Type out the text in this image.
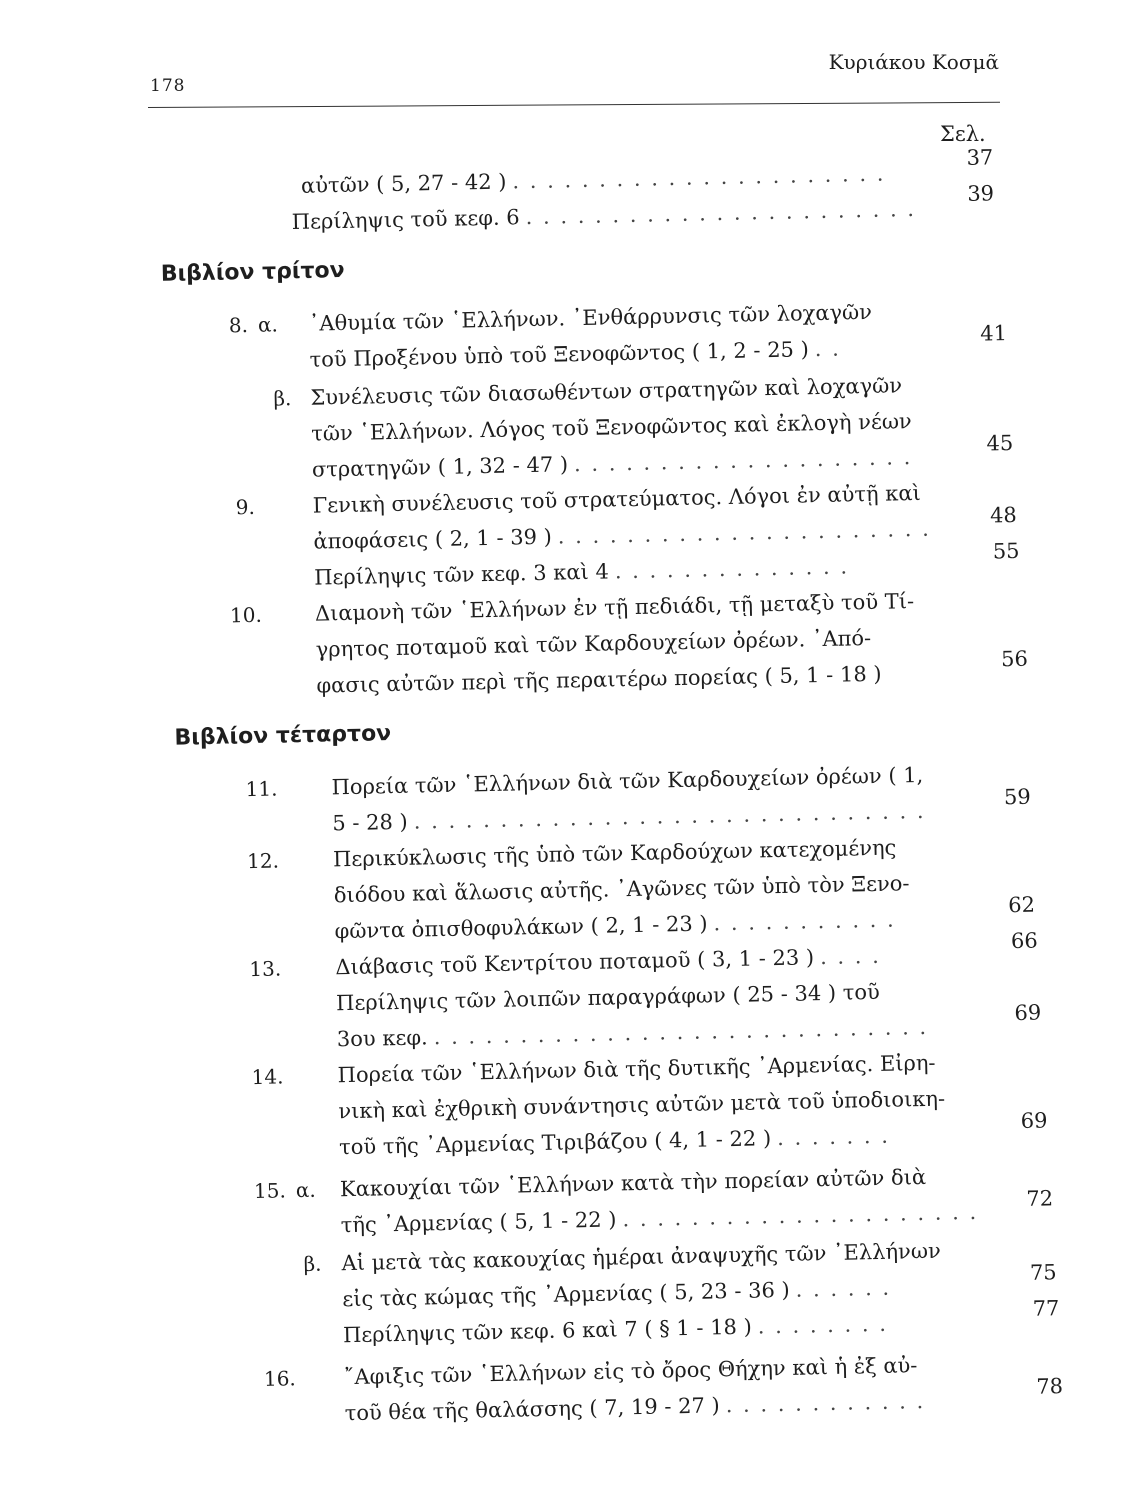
178
Κυριάκου Κοσμᾶ
Σελ.
αὐτῶν ( 5, 27 - 42 ) . . . . . . . . . . . . . . . . . . . . . .
37
Περίληψις τοῦ κεφ. 6 . . . . . . . . . . . . . . . . . . . . . . .
39
Βιβλίον τρίτον
8. α. ᾿Αθυμία τῶν ῾Ελλήνων. ᾿Ενθάρρυνσις τῶν λοχαγῶν
τοῦ Προξένου ὑπὸ τοῦ Ξενοφῶντος ( 1, 2 - 25 ) . .
41
β. Συνέλευσις τῶν διασωθέντων στρατηγῶν καὶ λοχαγῶν
τῶν ῾Ελλήνων. Λόγος τοῦ Ξενοφῶντος καὶ ἐκλογὴ νέων
στρατηγῶν ( 1, 32 - 47 ) . . . . . . . . . . . . . . . . . . . .
45
9.	Γενικὴ συνέλευσις τοῦ στρατεύματος. Λόγοι ἐν αὐτῇ καὶ
ἀποφάσεις ( 2, 1 - 39 ) . . . . . . . . . . . . . . . . . . . . . .
48
Περίληψις τῶν κεφ. 3 καὶ 4 . . . . . . . . . . . . . .
55
10.	Διαμονὴ τῶν ῾Ελλήνων ἐν τῇ πεδιάδι, τῇ μεταξὺ τοῦ Τί-
γρητος ποταμοῦ καὶ τῶν Καρδουχείων ὀρέων. ᾿Από-
φασις αὐτῶν περὶ τῆς περαιτέρω πορείας ( 5, 1 - 18 )
56
Βιβλίον τέταρτον
11.	Πορεία τῶν ῾Ελλήνων διὰ τῶν Καρδουχείων ὀρέων ( 1,
5 - 28 ) . . . . . . . . . . . . . . . . . . . . . . . . . . . . . .
59
12.	Περικύκλωσις τῆς ὑπὸ τῶν Καρδούχων κατεχομένης
διόδου καὶ ἅλωσις αὐτῆς. ᾿Αγῶνες τῶν ὑπὸ τὸν Ξενο-
φῶντα ὀπισθοφυλάκων ( 2, 1 - 23 ) . . . . . . . . . . .
62
13.	Διάβασις τοῦ Κεντρίτου ποταμοῦ ( 3, 1 - 23 ) . . . .
66
Περίληψις τῶν λοιπῶν παραγράφων ( 25 - 34 ) τοῦ
3ου κεφ. . . . . . . . . . . . . . . . . . . . . . . . . . . . . .
69
14.	Πορεία τῶν ῾Ελλήνων διὰ τῆς δυτικῆς ᾿Αρμενίας. Εἰρη-
νικὴ καὶ ἐχθρικὴ συνάντησις αὐτῶν μετὰ τοῦ ὑποδιοικη-
τοῦ τῆς ᾿Αρμενίας Τιριβάζου ( 4, 1 - 22 ) . . . . . . .
69
15. α. Κακουχίαι τῶν ῾Ελλήνων κατὰ τὴν πορείαν αὐτῶν διὰ
τῆς ᾿Αρμενίας ( 5, 1 - 22 ) . . . . . . . . . . . . . . . . . . . . .
72
β. Αἱ μετὰ τὰς κακουχίας ἡμέραι ἀναψυχῆς τῶν ᾿Ελλήνων
εἰς τὰς κώμας τῆς ᾿Αρμενίας ( 5, 23 - 36 ) . . . . . .
75
Περίληψις τῶν κεφ. 6 καὶ 7 ( § 1 - 18 ) . . . . . . . .
77
16. ῎Αφιξις τῶν ῾Ελλήνων εἰς τὸ ὄρος Θήχην καὶ ἡ ἐξ αὐ-
τοῦ θέα τῆς θαλάσσης ( 7, 19 - 27 ) . . . . . . . . . . . .
78
